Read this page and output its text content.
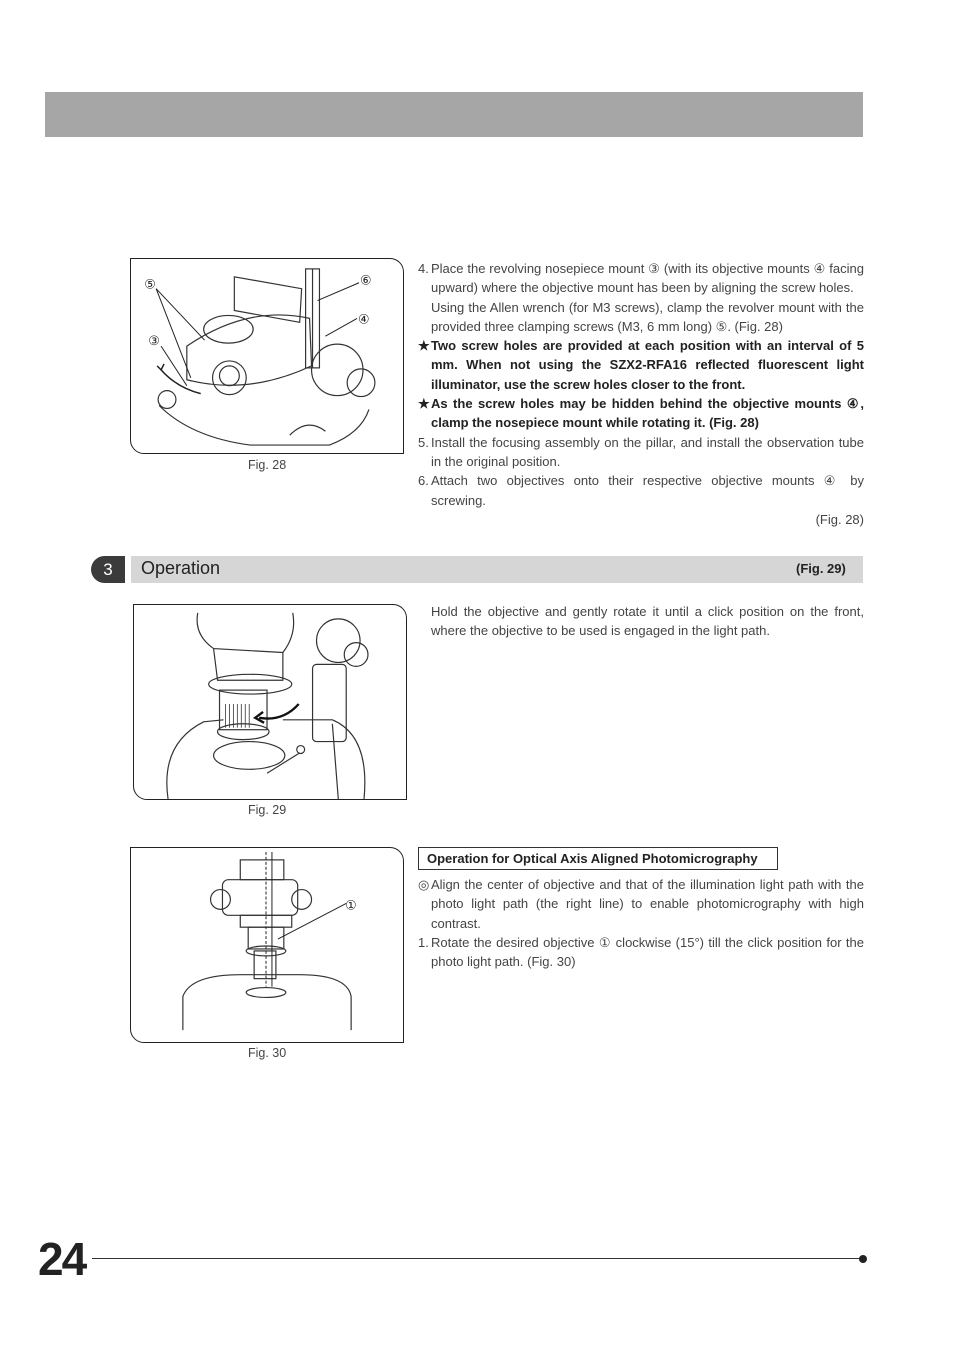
⑤
③
⑥
④
Fig. 28
4. Place the revolving nosepiece mount ③ (with its objective mounts ④ facing upward) where the objective mount has been by aligning the screw holes.
Using the Allen wrench (for M3 screws), clamp the revolver mount with the provided three clamping screws (M3, 6 mm long) ⑤. (Fig. 28)
★ Two screw holes are provided at each position with an interval of 5 mm. When not using the SZX2-RFA16 reflected fluorescent light illuminator, use the screw holes closer to the front.
★ As the screw holes may be hidden behind the objective mounts ④, clamp the nosepiece mount while rotating it. (Fig. 28)
5. Install the focusing assembly on the pillar, and install the observation tube in the original position.
6. Attach two objectives onto their respective objective mounts ④ by screwing.
(Fig. 28)
3	Operation	(Fig. 29)
Fig. 29
Hold the objective and gently rotate it until a click position on the front, where the objective to be used is engaged in the light path.
①
Fig. 30
Operation for Optical Axis Aligned Photomicrography
◎ Align the center of objective and that of the illumination light path with the photo light path (the right line) to enable photomicrography with high contrast.
1. Rotate the desired objective ① clockwise (15°) till the click position for the photo light path. (Fig. 30)
24
